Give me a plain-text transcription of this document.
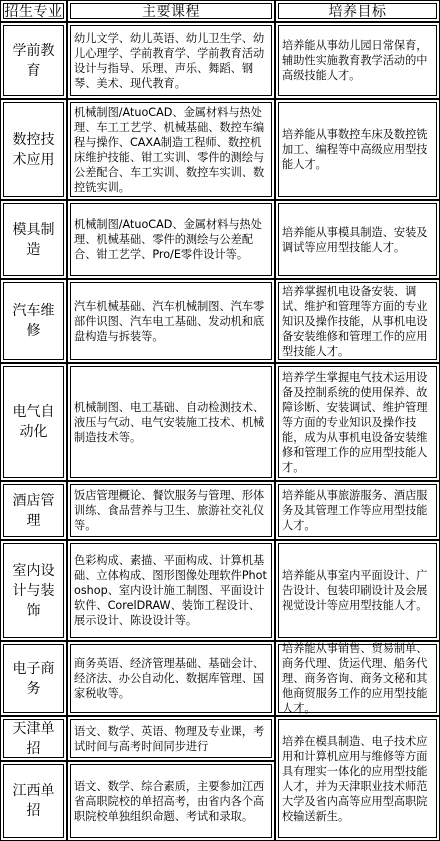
招生专业	主要课程	培养目标
学前教育
幼儿文学、幼儿英语、幼儿卫生学、幼儿心理学、学前教育学、学前教育活动设计与指导、乐理、声乐、舞蹈、钢琴、美术、现代教育。
培养能从事幼儿园日常保育，辅助性实施教育教学活动的中高级技能人才。
数控技术应用
机械制图/AtuoCAD、金属材料与热处理、车工工艺学、机械基础、数控车编程与操作、CAXA制造工程师、数控机床维护技能、钳工实训、零件的测绘与公差配合、车工实训、数控车实训、数控铣实训。
培养能从事数控车床及数控铣加工、编程等中高级应用型技能人才。
模具制造
机械制图/AtuoCAD、金属材料与热处理、机械基础、零件的测绘与公差配合、钳工艺学、Pro/E零件设计等。
培养能从事模具制造、安装及调试等应用型技能人才。
汽车维修
汽车机械基础、汽车机械制图、汽车零部件识图、汽车电工基础、发动机和底盘构造与拆装等。
培养掌握机电设备安装、调试、维护和管理等方面的专业知识及操作技能，从事机电设备安装维修和管理工作的应用型技能人才。
电气自动化
机械制图、电工基础、自动检测技术、液压与气动、电气安装施工技术、机械制造技术等。
培养学生掌握电气技术运用设备及控制系统的使用保养、故障诊断、安装调试、维护管理等方面的专业知识及操作技能，成为从事机电设备安装维修和管理工作的应用型技能人才。
酒店管理
饭店管理概论、餐饮服务与管理、形体训练、食品营养与卫生、旅游社交礼仪等。
培养能从事旅游服务、酒店服务及其管理工作等应用型技能人才。
室内设计与装饰
色彩构成、素描、平面构成、计算机基础、立体构成、图形图像处理软件Photoshop、室内设计施工制图、平面设计软件、CorelDRAW、装饰工程设计、展示设计、陈设设计等。
培养能从事室内平面设计、广告设计、包装印刷设计及会展视觉设计等应用型技能人才。
电子商务
商务英语、经济管理基础、基础会计、经济法、办公自动化、数据库管理、国家税收等。
培养能从事销售、贸易制单、商务代理、货运代理、船务代理、商务咨询、商务文秘和其他商贸服务工作的应用型技能人才。
天津单招
语文、数学、英语、物理及专业课，考试时间与高考时间同步进行
江西单招
语文、数学、综合素质，主要参加江西省高职院校的单招高考，由省内各个高职院校单独组织命题、考试和录取。
培养在模具制造、电子技术应用和计算机应用与维修等方面具有理实一体化的应用型技能人才，并为天津职业技术师范大学及省内高等应用型高职院校输送新生。
